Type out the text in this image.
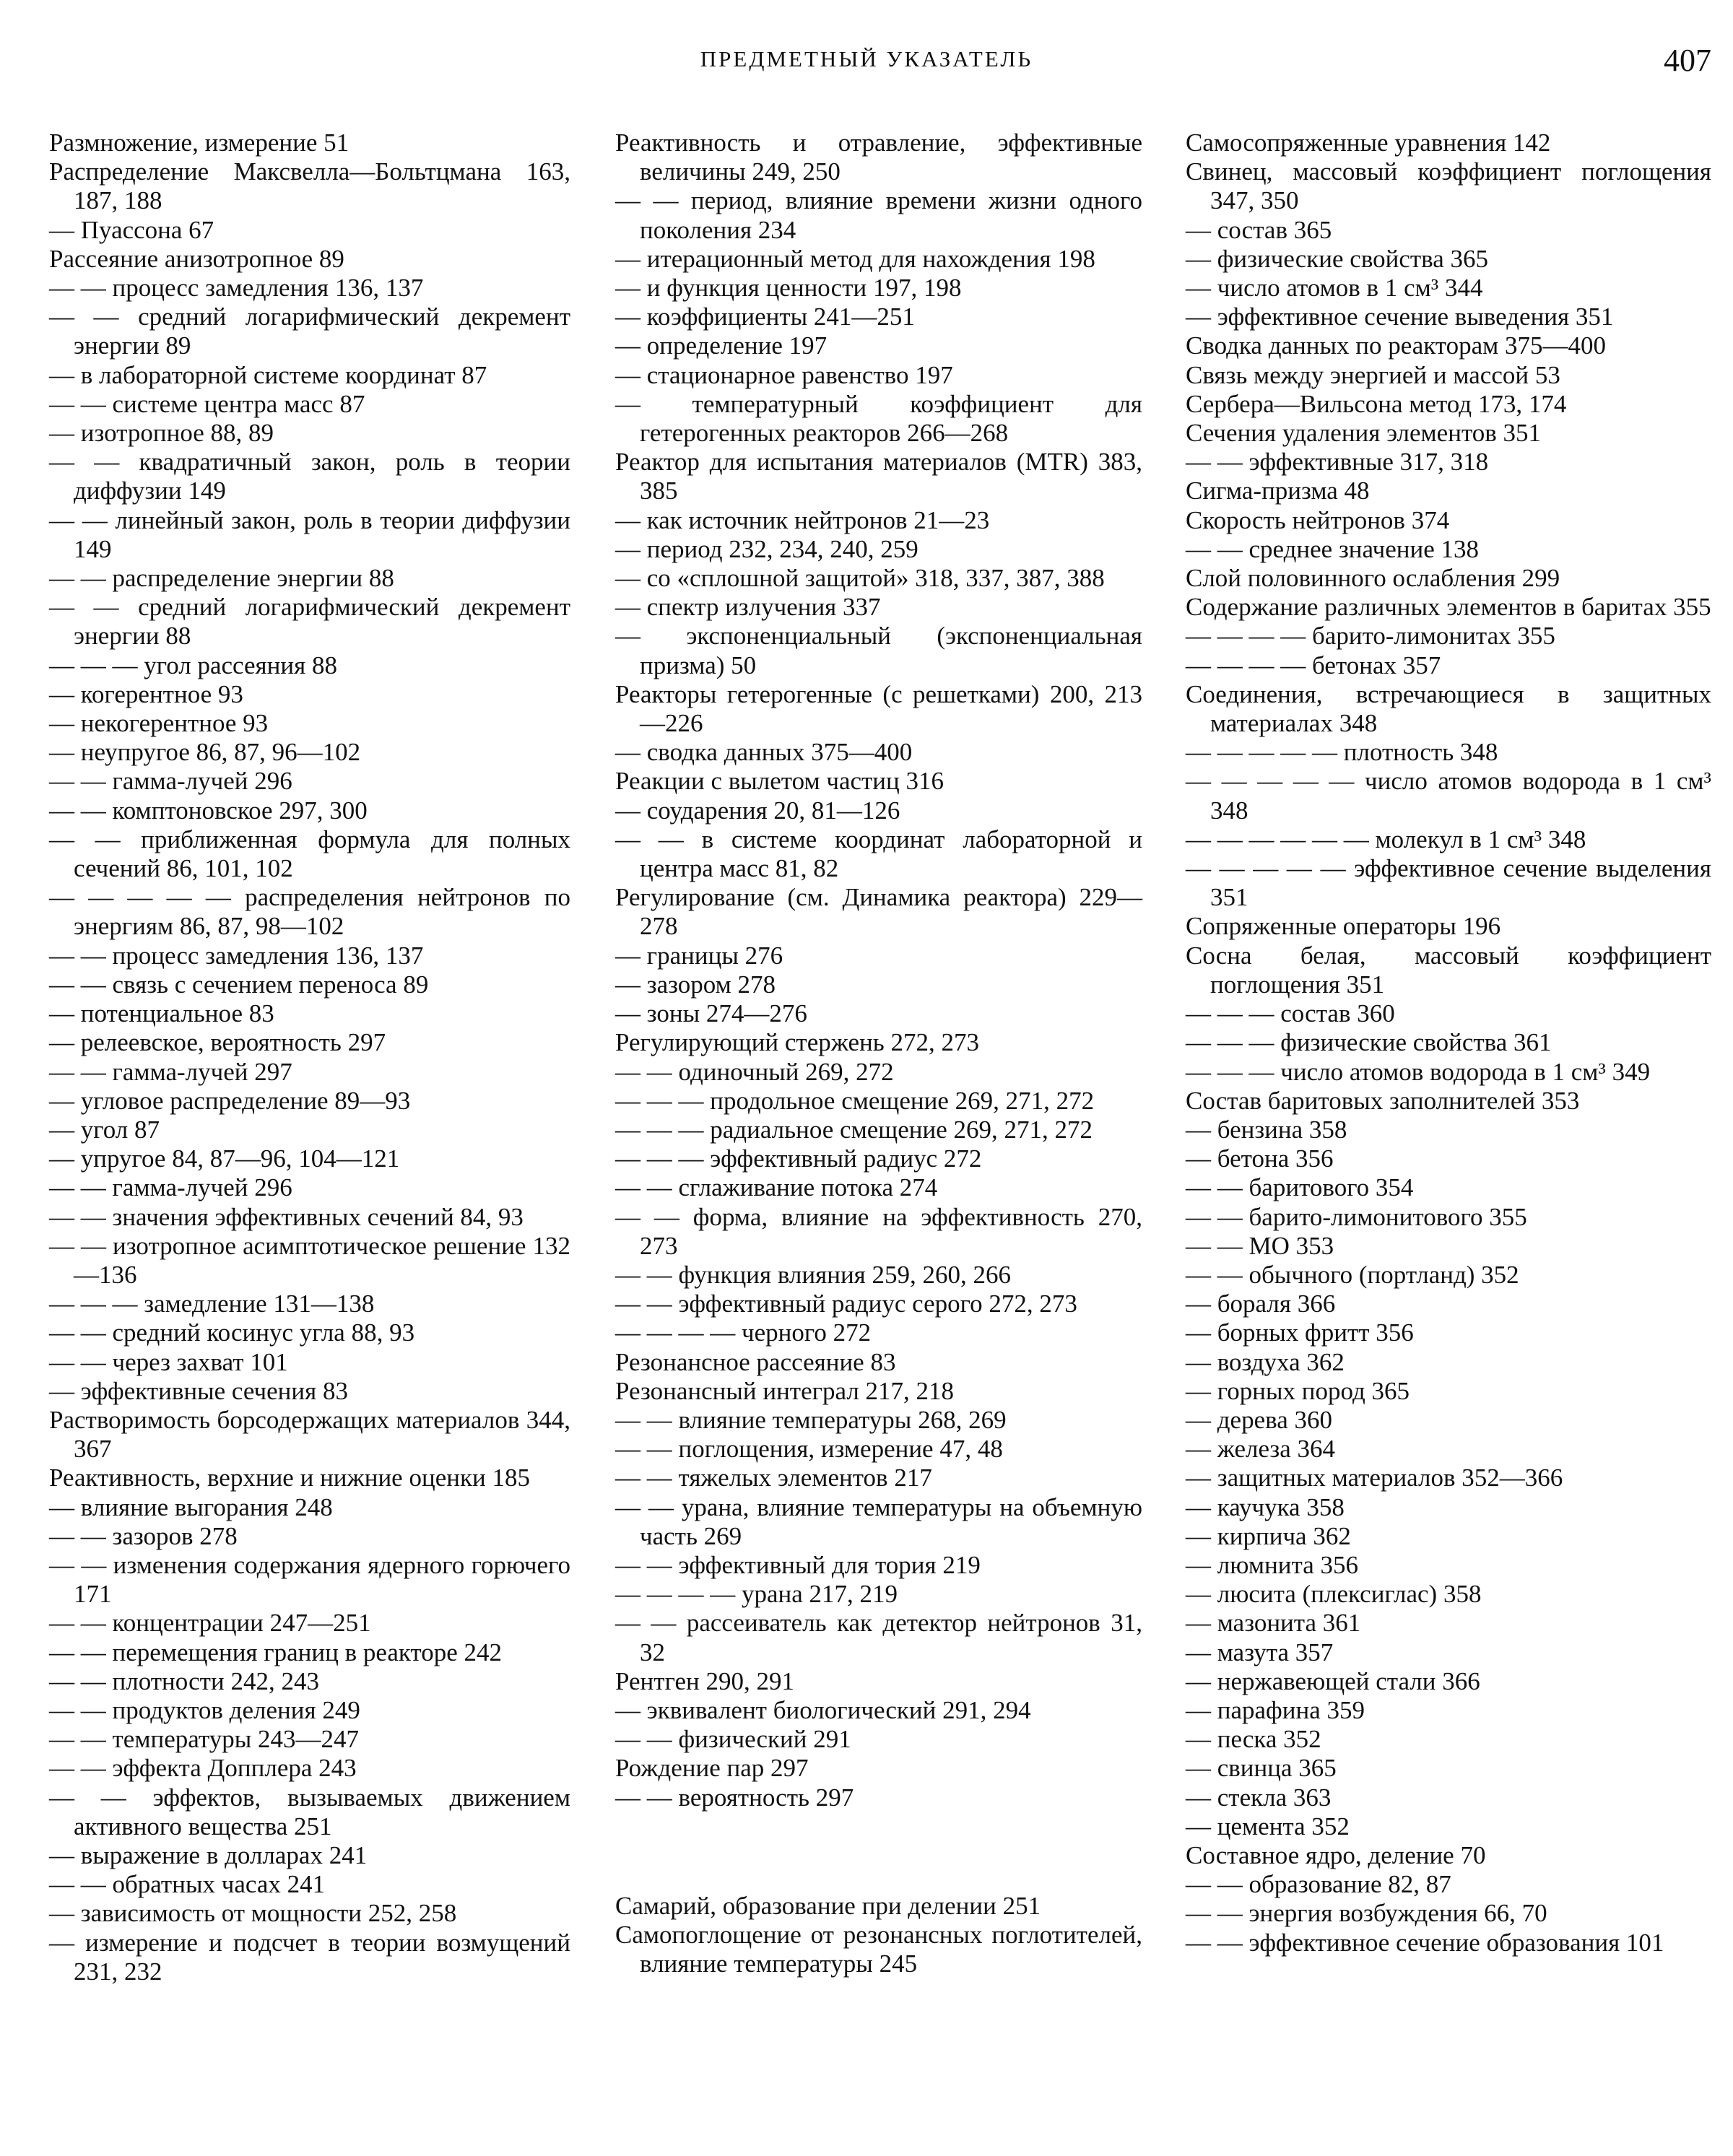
ПРЕДМЕТНЫЙ УКАЗАТЕЛЬ	407

Размножение, измерение 51

Распределение Максвелла—Больтцмана 163, 187, 188

— Пуассона 67

Рассеяние анизотропное 89

— — процесс замедления 136, 137

— — средний логарифмический декремент энергии 89

— в лабораторной системе координат 87

— — системе центра масс 87

— изотропное 88, 89

— — квадратичный закон, роль в теории диффузии 149

— — линейный закон, роль в теории диффузии 149

— — распределение энергии 88

— — средний логарифмический декремент энергии 88

— — — угол рассеяния 88

— когерентное 93

— некогерентное 93

— неупругое 86, 87, 96—102

— — гамма-лучей 296

— — комптоновское 297, 300

— — приближенная формула для полных сечений 86, 101, 102

— — — — — распределения нейтронов по энергиям 86, 87, 98—102

— — процесс замедления 136, 137

— — связь с сечением переноса 89

— потенциальное 83

— релеевское, вероятность 297

— — гамма-лучей 297

— угловое распределение 89—93

— угол 87

— упругое 84, 87—96, 104—121

— — гамма-лучей 296

— — значения эффективных сечений 84, 93

— — изотропное асимптотическое решение 132—136

— — — замедление 131—138

— — средний косинус угла 88, 93

— — через захват 101

— эффективные сечения 83

Растворимость борсодержащих материалов 344, 367

Реактивность, верхние и нижние оценки 185

— влияние выгорания 248

— — зазоров 278

— — изменения содержания ядерного горючего 171

— — концентрации 247—251

— — перемещения границ в реакторе 242

— — плотности 242, 243

— — продуктов деления 249

— — температуры 243—247

— — эффекта Допплера 243

— — эффектов, вызываемых движением активного вещества 251

— выражение в долларах 241

— — обратных часах 241

— зависимость от мощности 252, 258

— измерение и подсчет в теории возмущений 231, 232

Реактивность и отравление, эффективные величины 249, 250

— — период, влияние времени жизни одного поколения 234

— итерационный метод для нахождения 198

— и функция ценности 197, 198

— коэффициенты 241—251

— определение 197

— стационарное равенство 197

— температурный коэффициент для гетерогенных реакторов 266—268

Реактор для испытания материалов (MTR) 383, 385

— как источник нейтронов 21—23

— период 232, 234, 240, 259

— со «сплошной защитой» 318, 337, 387, 388

— спектр излучения 337

— экспоненциальный (экспоненциальная призма) 50

Реакторы гетерогенные (с решетками) 200, 213—226

— сводка данных 375—400

Реакции с вылетом частиц 316

— соударения 20, 81—126

— — в системе координат лабораторной и центра масс 81, 82

Регулирование (см. Динамика реактора) 229—278

— границы 276

— зазором 278

— зоны 274—276

Регулирующий стержень 272, 273

— — одиночный 269, 272

— — — продольное смещение 269, 271, 272

— — — радиальное смещение 269, 271, 272

— — — эффективный радиус 272

— — сглаживание потока 274

— — форма, влияние на эффективность 270, 273

— — функция влияния 259, 260, 266

— — эффективный радиус серого 272, 273

— — — — черного 272

Резонансное рассеяние 83

Резонансный интеграл 217, 218

— — влияние температуры 268, 269

— — поглощения, измерение 47, 48

— — тяжелых элементов 217

— — урана, влияние температуры на объемную часть 269

— — эффективный для тория 219

— — — — урана 217, 219

— — рассеиватель как детектор нейтронов 31, 32

Рентген 290, 291

— эквивалент биологический 291, 294

— — физический 291

Рождение пар 297

— — вероятность 297

Самарий, образование при делении 251

Самопоглощение от резонансных поглотителей, влияние температуры 245

Самосопряженные уравнения 142

Свинец, массовый коэффициент поглощения 347, 350

— состав 365

— физические свойства 365

— число атомов в 1 см³ 344

— эффективное сечение выведения 351

Сводка данных по реакторам 375—400

Связь между энергией и массой 53

Сербера—Вильсона метод 173, 174

Сечения удаления элементов 351

— — эффективные 317, 318

Сигма-призма 48

Скорость нейтронов 374

— — среднее значение 138

Слой половинного ослабления 299

Содержание различных элементов в баритах 355

— — — — барито-лимонитах 355

— — — — бетонах 357

Соединения, встречающиеся в защитных материалах 348

— — — — — плотность 348

— — — — — число атомов водорода в 1 см³ 348

— — — — — — молекул в 1 см³ 348

— — — — — эффективное сечение выделения 351

Сопряженные операторы 196

Сосна белая, массовый коэффициент поглощения 351

— — — состав 360

— — — физические свойства 361

— — — число атомов водорода в 1 см³ 349

Состав баритовых заполнителей 353

— бензина 358

— бетона 356

— — баритового 354

— — барито-лимонитового 355

— — МО 353

— — обычного (портланд) 352

— бораля 366

— борных фритт 356

— воздуха 362

— горных пород 365

— дерева 360

— железа 364

— защитных материалов 352—366

— каучука 358

— кирпича 362

— люмнита 356

— люсита (плексиглас) 358

— мазонита 361

— мазута 357

— нержавеющей стали 366

— парафина 359

— песка 352

— свинца 365

— стекла 363

— цемента 352

Составное ядро, деление 70

— — образование 82, 87

— — энергия возбуждения 66, 70

— — эффективное сечение образования 101
